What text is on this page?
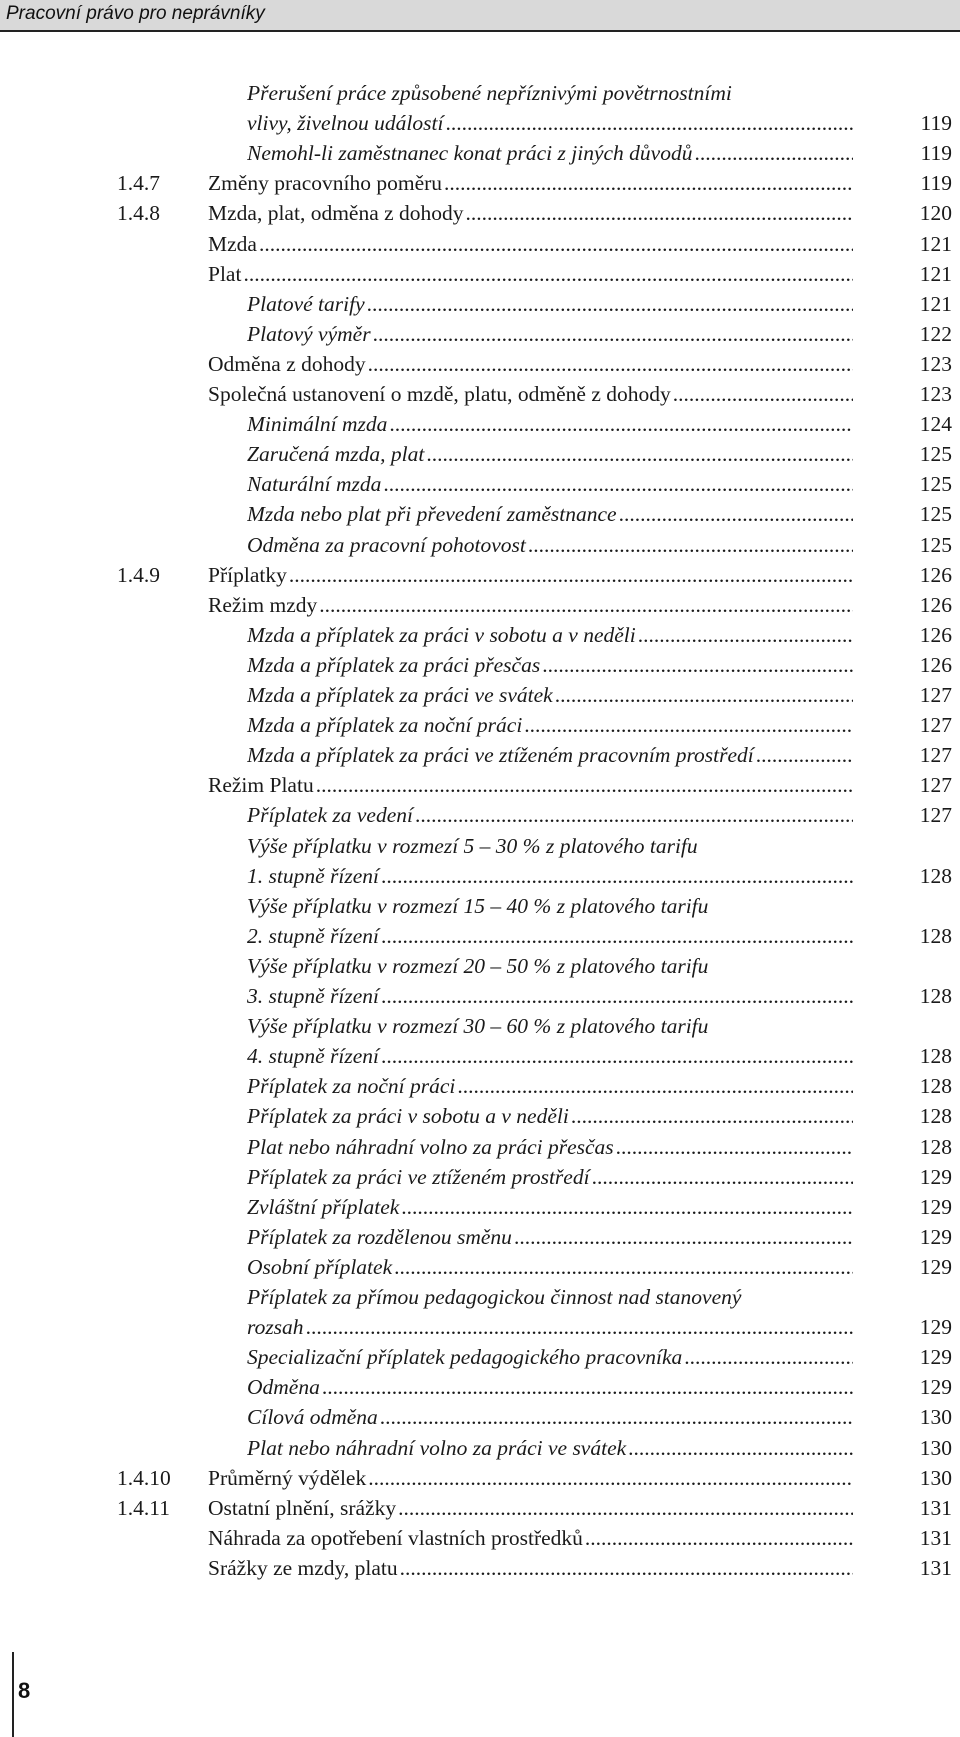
Pracovní právo pro neprávníky
Přerušení práce způsobené nepříznivými povětrnostními
vlivy, živelnou událostí .....	119
Nemohl-li zaměstnanec konat práci z jiných důvodů .....	119
1.4.7 Změny pracovního poměru .....	119
1.4.8 Mzda, plat, odměna z dohody .....	120
Mzda .....	121
Plat .....	121
Platové tarify .....	121
Platový výměr .....	122
Odměna z dohody .....	123
Společná ustanovení o mzdě, platu, odměně z dohody .....	123
Minimální mzda .....	124
Zaručená mzda, plat .....	125
Naturální mzda .....	125
Mzda nebo plat při převedení zaměstnance .....	125
Odměna za pracovní pohotovost .....	125
1.4.9 Příplatky .....	126
Režim mzdy .....	126
Mzda a příplatek za práci v sobotu a v neděli .....	126
Mzda a příplatek za práci přesčas .....	126
Mzda a příplatek za práci ve svátek .....	127
Mzda a příplatek za noční práci .....	127
Mzda a příplatek za práci ve ztíženém pracovním prostředí .....	127
Režim Platu .....	127
Příplatek za vedení .....	127
Výše příplatku v rozmezí 5 – 30 % z platového tarifu
1. stupně řízení .....	128
Výše příplatku v rozmezí 15 – 40 % z platového tarifu
2. stupně řízení .....	128
Výše příplatku v rozmezí 20 – 50 % z platového tarifu
3. stupně řízení .....	128
Výše příplatku v rozmezí 30 – 60 % z platového tarifu
4. stupně řízení .....	128
Příplatek za noční práci .....	128
Příplatek za práci v sobotu a v neděli .....	128
Plat nebo náhradní volno za práci přesčas .....	128
Příplatek za práci ve ztíženém prostředí .....	129
Zvláštní příplatek .....	129
Příplatek za rozdělenou směnu .....	129
Osobní příplatek .....	129
Příplatek za přímou pedagogickou činnost nad stanovený
rozsah .....	129
Specializační příplatek pedagogického pracovníka .....	129
Odměna .....	129
Cílová odměna .....	130
Plat nebo náhradní volno za práci ve svátek .....	130
1.4.10 Průměrný výdělek .....	130
1.4.11 Ostatní plnění, srážky .....	131
Náhrada za opotřebení vlastních prostředků .....	131
Srážky ze mzdy, platu .....	131
8
